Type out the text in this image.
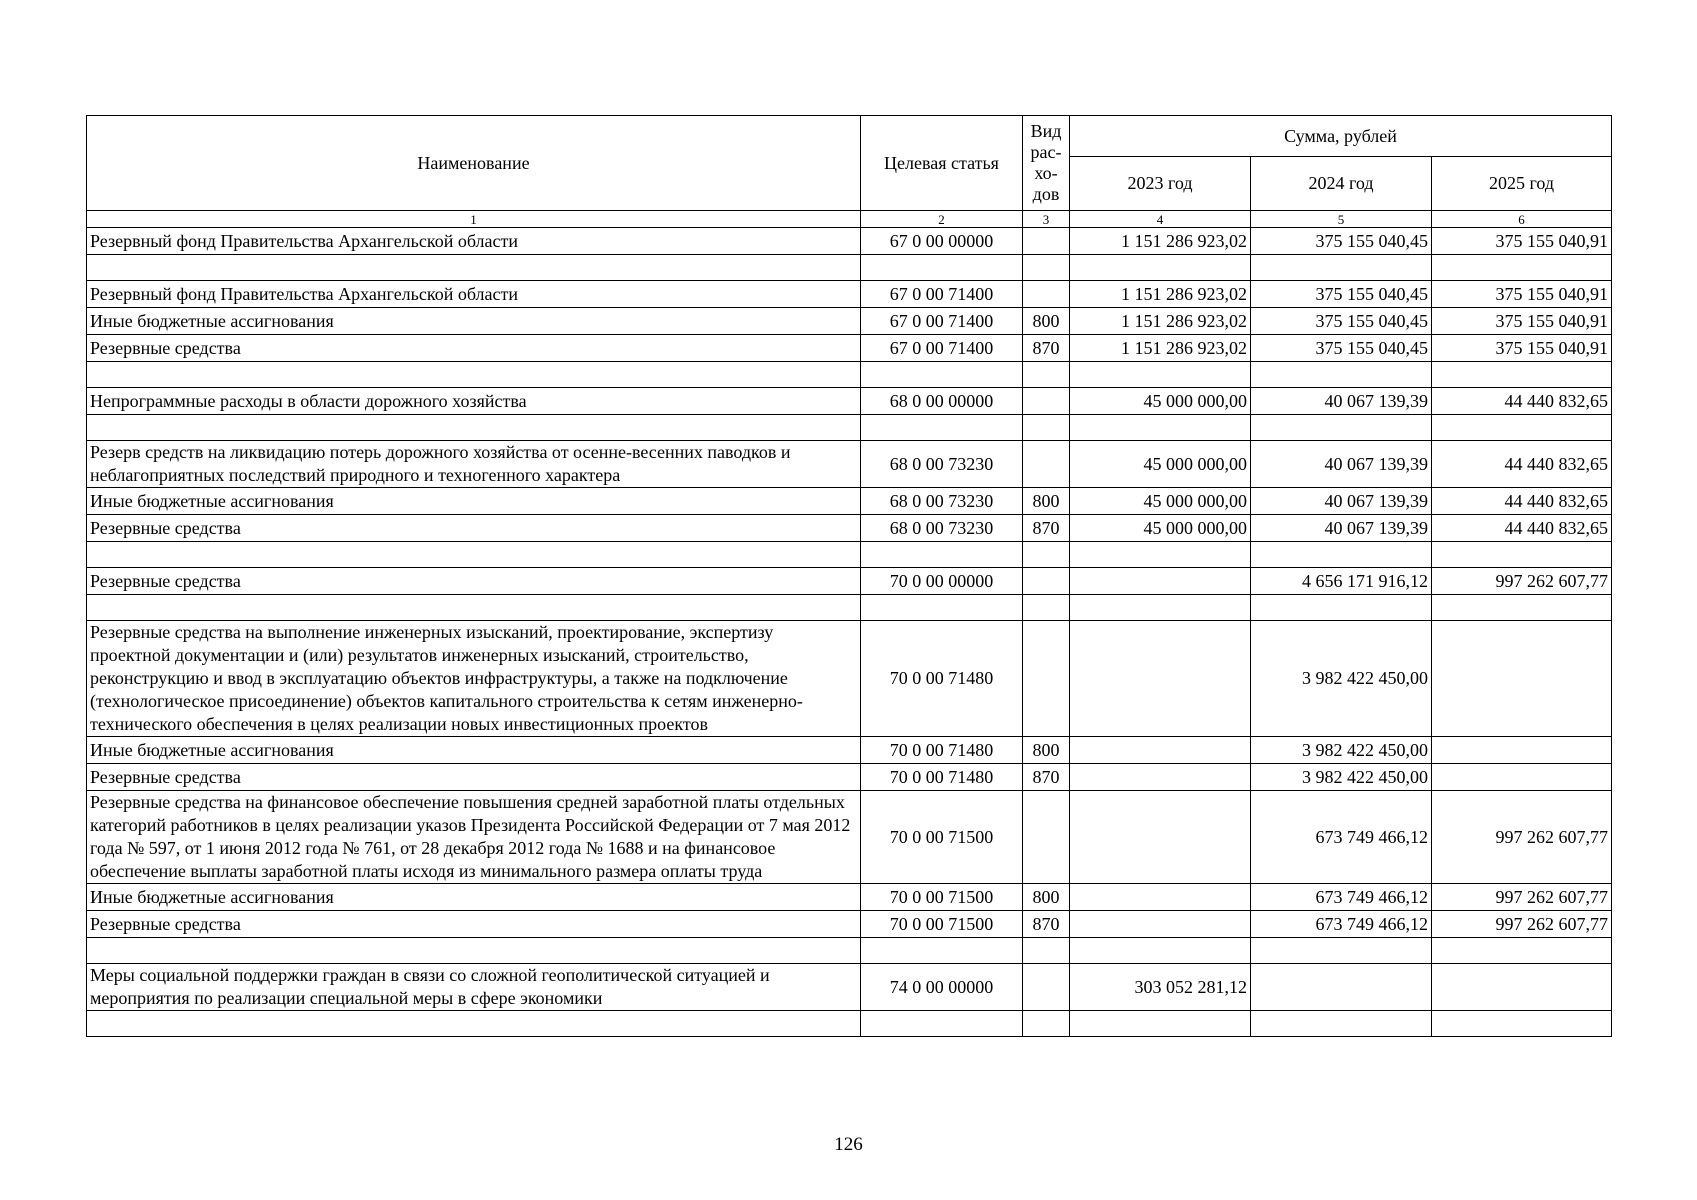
Наименование	Целевая статья	Вид рас- хо- дов	Сумма, рублей		
			2023 год	2024 год	2025 год
1	2	3	4	5	6
Резервный фонд Правительства Архангельской области	67 0 00 00000		1 151 286 923,02	375 155 040,45	375 155 040,91

Резервный фонд Правительства Архангельской области	67 0 00 71400		1 151 286 923,02	375 155 040,45	375 155 040,91
Иные бюджетные ассигнования	67 0 00 71400	800	1 151 286 923,02	375 155 040,45	375 155 040,91
Резервные средства	67 0 00 71400	870	1 151 286 923,02	375 155 040,45	375 155 040,91

Непрограммные расходы в области дорожного хозяйства	68 0 00 00000		45 000 000,00	40 067 139,39	44 440 832,65

Резерв средств на ликвидацию потерь дорожного хозяйства от осенне-весенних паводков и неблагоприятных последствий природного и техногенного характера	68 0 00 73230		45 000 000,00	40 067 139,39	44 440 832,65
Иные бюджетные ассигнования	68 0 00 73230	800	45 000 000,00	40 067 139,39	44 440 832,65
Резервные средства	68 0 00 73230	870	45 000 000,00	40 067 139,39	44 440 832,65

Резервные средства	70 0 00 00000			4 656 171 916,12	997 262 607,77

Резервные средства на выполнение инженерных изысканий, проектирование, экспертизу проектной документации и (или) результатов инженерных изысканий, строительство, реконструкцию и ввод в эксплуатацию объектов инфраструктуры, а также на подключение (технологическое присоединение) объектов капитального строительства к сетям инженерно-технического обеспечения в целях реализации новых инвестиционных проектов	70 0 00 71480			3 982 422 450,00	
Иные бюджетные ассигнования	70 0 00 71480	800		3 982 422 450,00	
Резервные средства	70 0 00 71480	870		3 982 422 450,00	
Резервные средства на финансовое обеспечение повышения средней заработной платы отдельных категорий работников в целях реализации указов Президента Российской Федерации от 7 мая 2012 года № 597, от 1 июня 2012 года № 761, от 28 декабря 2012 года № 1688 и на финансовое обеспечение выплаты заработной платы исходя из минимального размера оплаты труда	70 0 00 71500			673 749 466,12	997 262 607,77
Иные бюджетные ассигнования	70 0 00 71500	800		673 749 466,12	997 262 607,77
Резервные средства	70 0 00 71500	870		673 749 466,12	997 262 607,77

Меры социальной поддержки граждан в связи со сложной геополитической ситуацией и мероприятия по реализации специальной меры в сфере экономики	74 0 00 00000		303 052 281,12		

126
